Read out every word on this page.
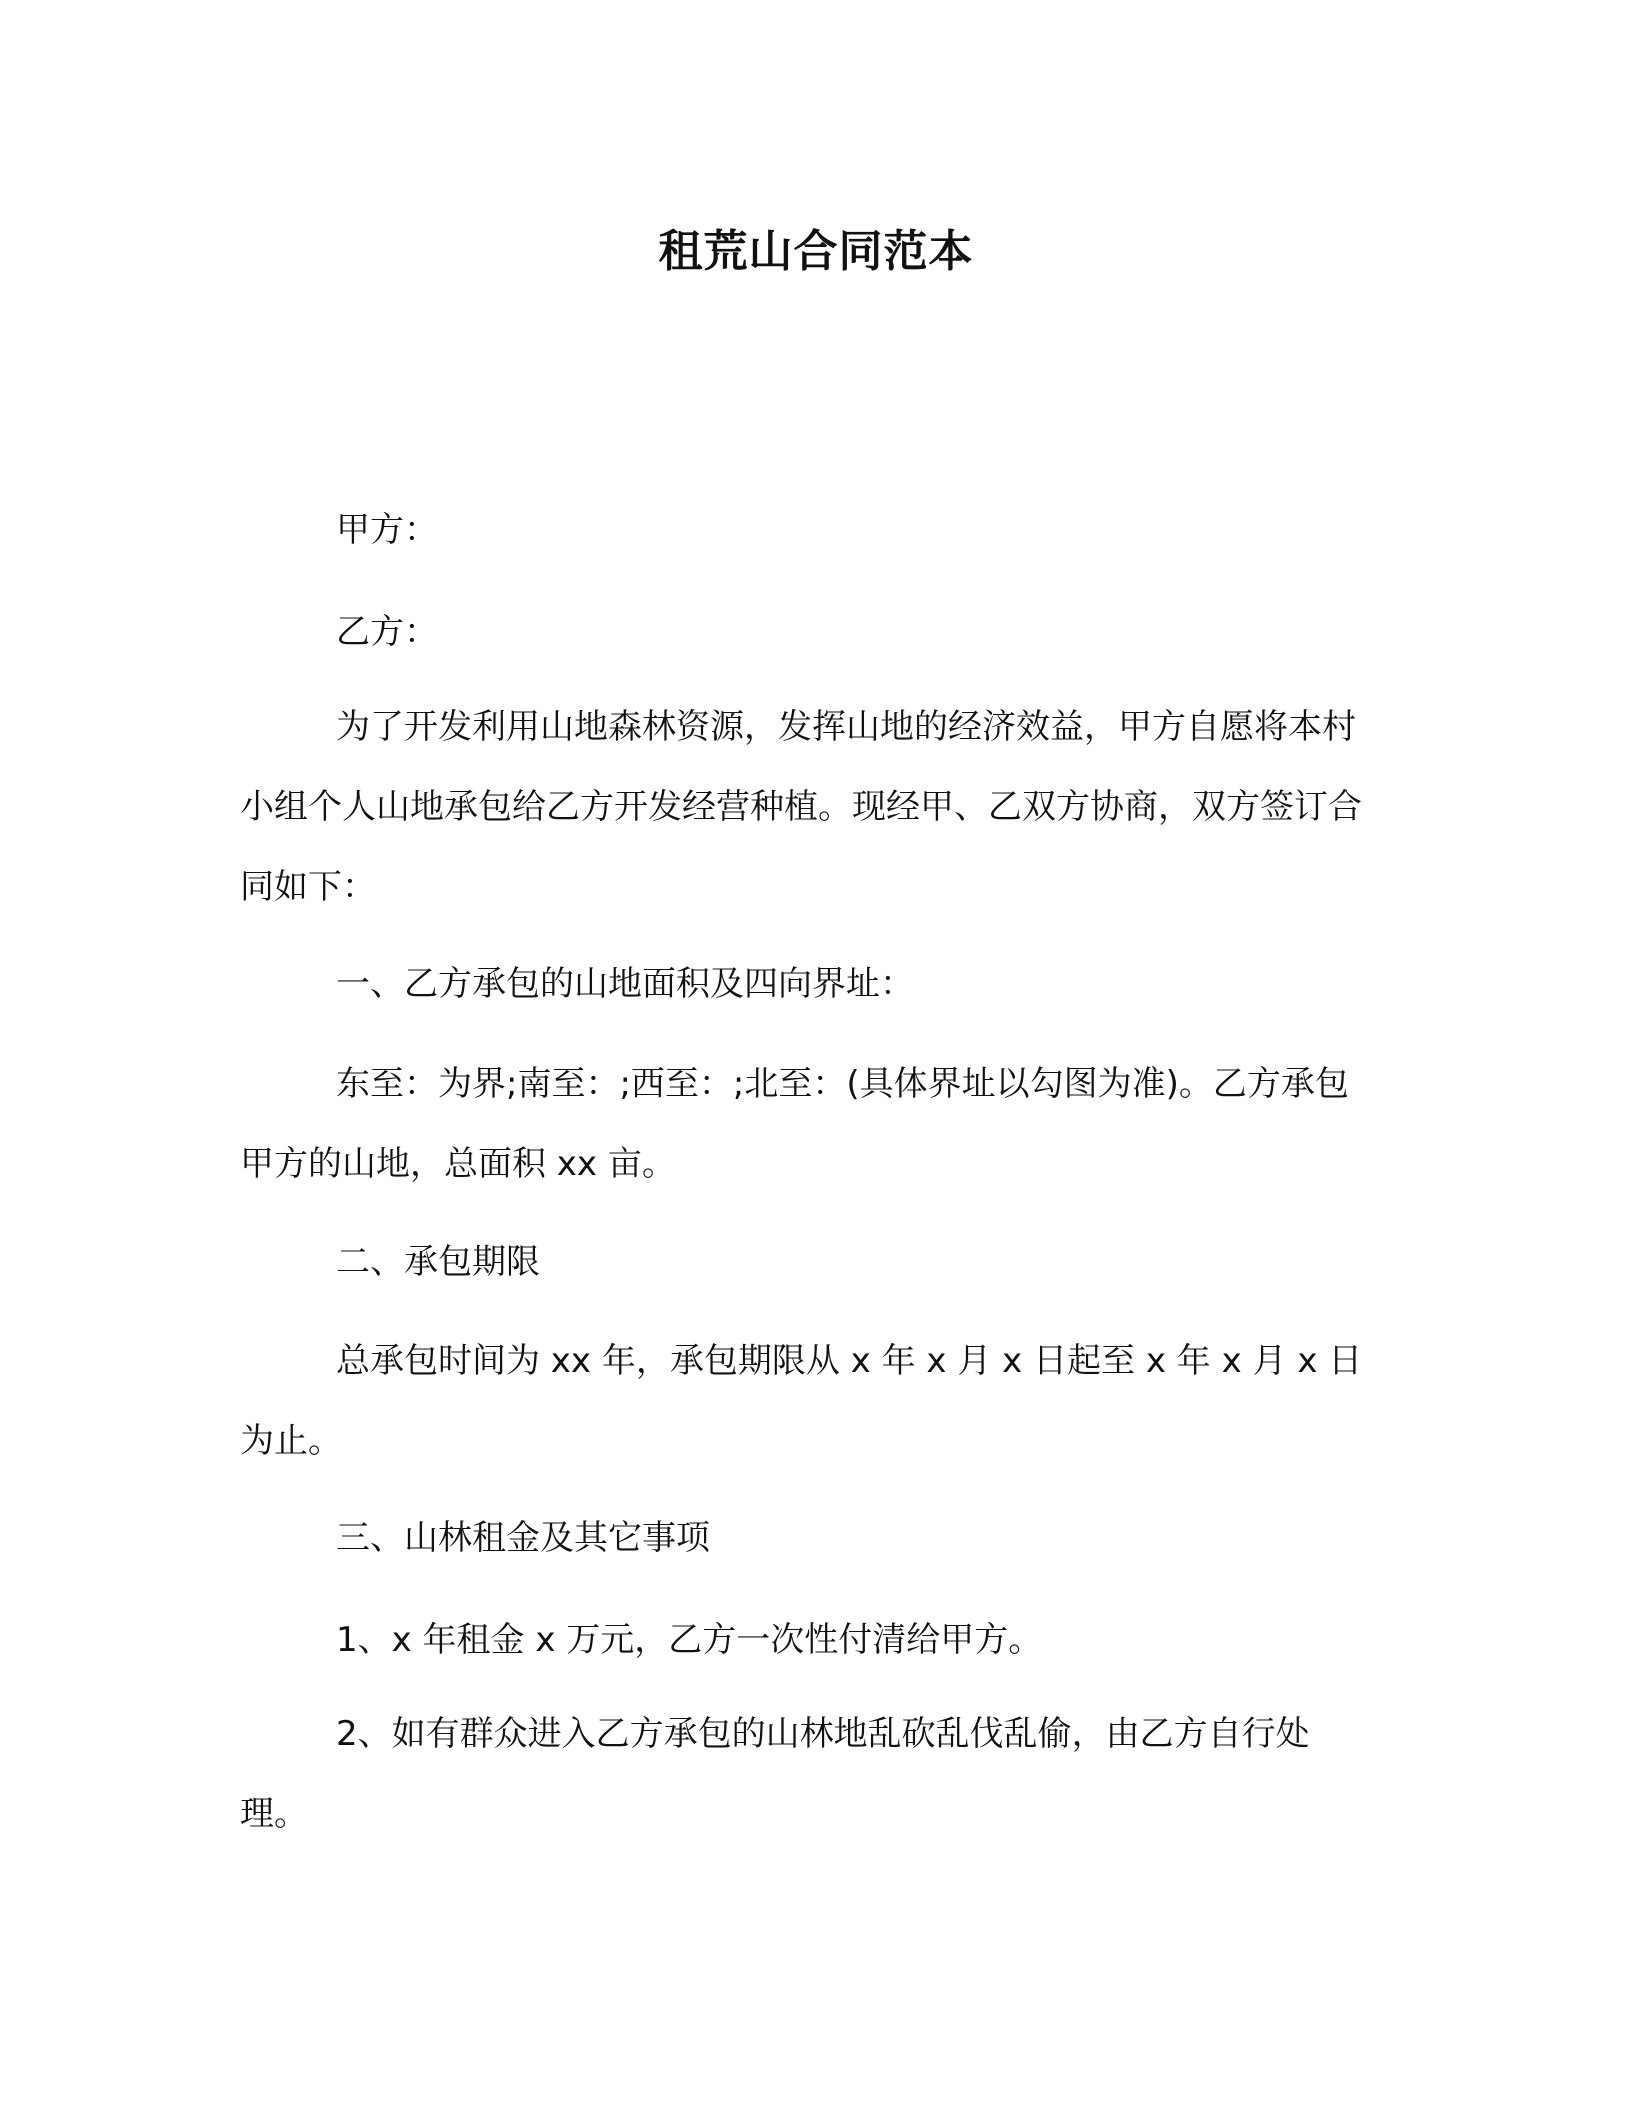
租荒山合同范本

甲方：

乙方：

为了开发利用山地森林资源，发挥山地的经济效益，甲方自愿将本村小组个人山地承包给乙方开发经营种植。现经甲、乙双方协商，双方签订合同如下：

一、乙方承包的山地面积及四向界址：

东至：为界;南至：;西至：;北至：(具体界址以勾图为准)。乙方承包甲方的山地，总面积 xx 亩。

二、承包期限

总承包时间为 xx 年，承包期限从 x 年 x 月 x 日起至 x 年 x 月 x 日为止。

三、山林租金及其它事项

1、x 年租金 x 万元，乙方一次性付清给甲方。

2、如有群众进入乙方承包的山林地乱砍乱伐乱偷，由乙方自行处理。
